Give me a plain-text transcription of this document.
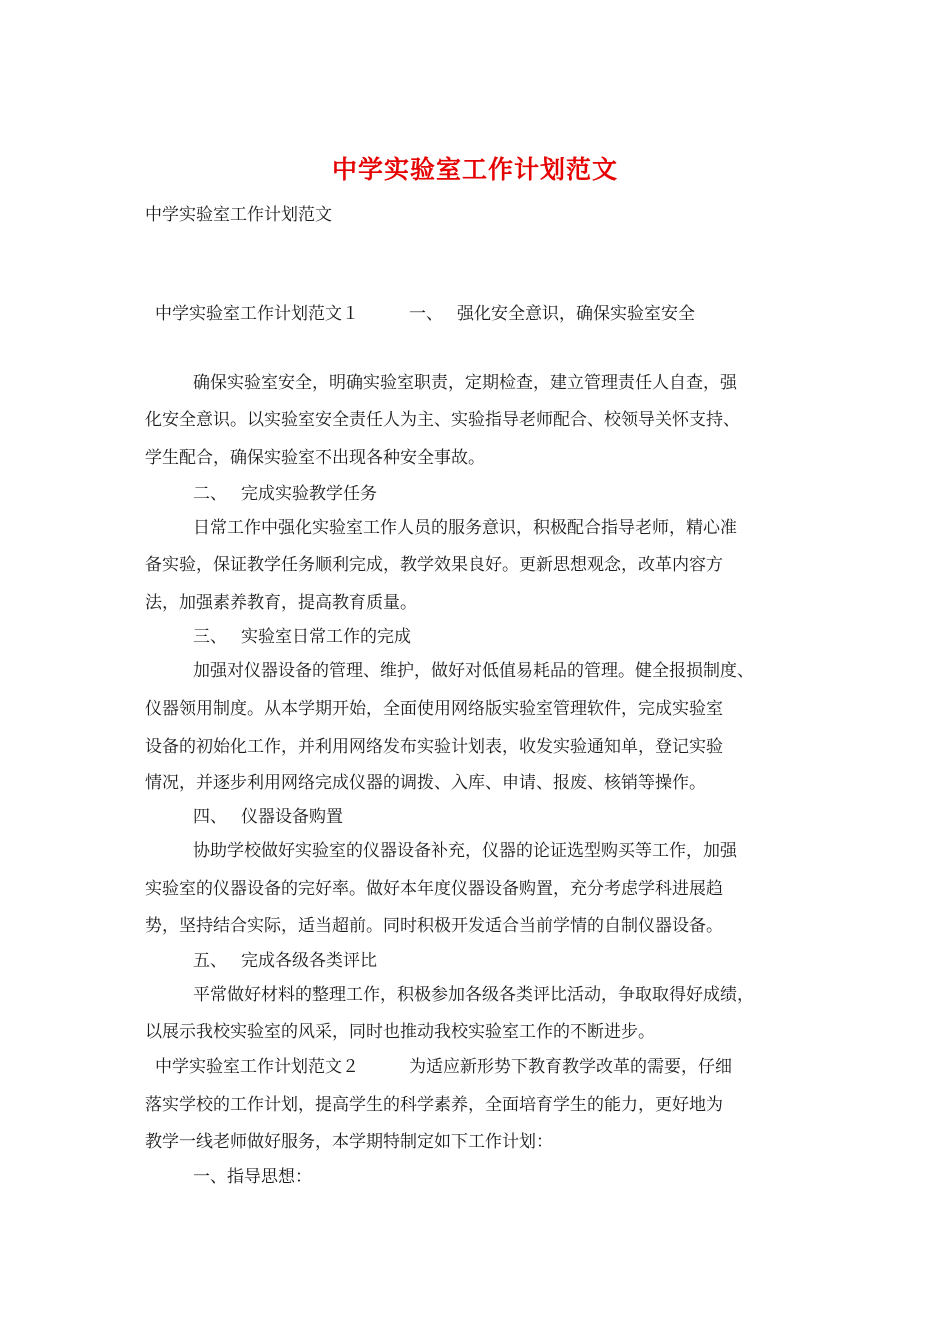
中学实验室工作计划范文

中学实验室工作计划范文

中学实验室工作计划范文１	一、 强化安全意识，确保实验室安全

确保实验室安全，明确实验室职责，定期检查，建立管理责任人自查，强

化安全意识。以实验室安全责任人为主、实验指导老师配合、校领导关怀支持、

学生配合，确保实验室不出现各种安全事故。

二、 完成实验教学任务

日常工作中强化实验室工作人员的服务意识，积极配合指导老师，精心准

备实验，保证教学任务顺利完成，教学效果良好。更新思想观念，改革内容方

法，加强素养教育，提高教育质量。

三、 实验室日常工作的完成

加强对仪器设备的管理、维护，做好对低值易耗品的管理。健全报损制度、

仪器领用制度。从本学期开始，全面使用网络版实验室管理软件，完成实验室

设备的初始化工作，并利用网络发布实验计划表，收发实验通知单，登记实验

情况，并逐步利用网络完成仪器的调拨、入库、申请、报废、核销等操作。

四、 仪器设备购置

协助学校做好实验室的仪器设备补充，仪器的论证选型购买等工作，加强

实验室的仪器设备的完好率。做好本年度仪器设备购置，充分考虑学科进展趋

势，坚持结合实际，适当超前。同时积极开发适合当前学情的自制仪器设备。

五、 完成各级各类评比

平常做好材料的整理工作，积极参加各级各类评比活动，争取取得好成绩，

以展示我校实验室的风采，同时也推动我校实验室工作的不断进步。

中学实验室工作计划范文２	为适应新形势下教育教学改革的需要，仔细

落实学校的工作计划，提高学生的科学素养，全面培育学生的能力，更好地为

教学一线老师做好服务，本学期特制定如下工作计划：

一、指导思想：
